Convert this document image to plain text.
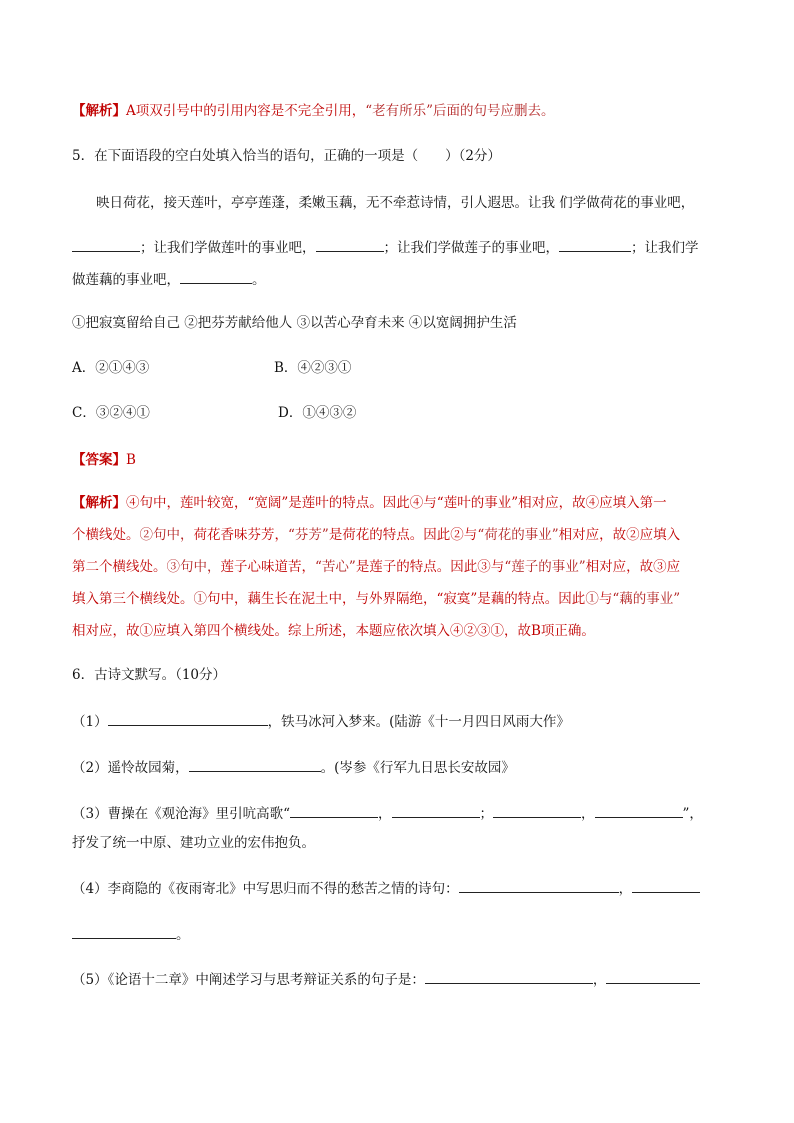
【解析】A项双引号中的引用内容是不完全引用，“老有所乐”后面的句号应删去。
5．在下面语段的空白处填入恰当的语句，正确的一项是（　　）（2分）
映日荷花，接天莲叶，亭亭莲蓬，柔嫩玉藕，无不牵惹诗情，引人遐思。让我 们学做荷花的事业吧，
；让我们学做莲叶的事业吧，	；让我们学做莲子的事业吧，	；让我们学
做莲藕的事业吧，	。
①把寂寞留给自己 ②把芬芳献给他人 ③以苦心孕育未来 ④以宽阔拥护生活
A．②①④③	B．④②③①
C．③②④①	D．①④③②
【答案】B
【解析】④句中，莲叶较宽，“宽阔”是莲叶的特点。因此④与“莲叶的事业”相对应，故④应填入第一
个横线处。②句中，荷花香味芬芳，“芬芳”是荷花的特点。因此②与“荷花的事业”相对应，故②应填入
第二个横线处。③句中，莲子心味道苦，“苦心”是莲子的特点。因此③与“莲子的事业”相对应，故③应
填入第三个横线处。①句中，藕生长在泥土中，与外界隔绝，“寂寞”是藕的特点。因此①与“藕的事业”
相对应，故①应填入第四个横线处。综上所述，本题应依次填入④②③①，故B项正确。
6．古诗文默写。（10分）
（1）	，铁马冰河入梦来。(陆游《十一月四日风雨大作》
（2）遥怜故园菊，	。(岑参《行军九日思长安故园》
（3）曹操在《观沧海》里引吭高歌“	，	；	，	”，
抒发了统一中原、建功立业的宏伟抱负。
（4）李商隐的《夜雨寄北》中写思归而不得的愁苦之情的诗句：	，
。
（5）《论语十二章》中阐述学习与思考辩证关系的句子是：	，
